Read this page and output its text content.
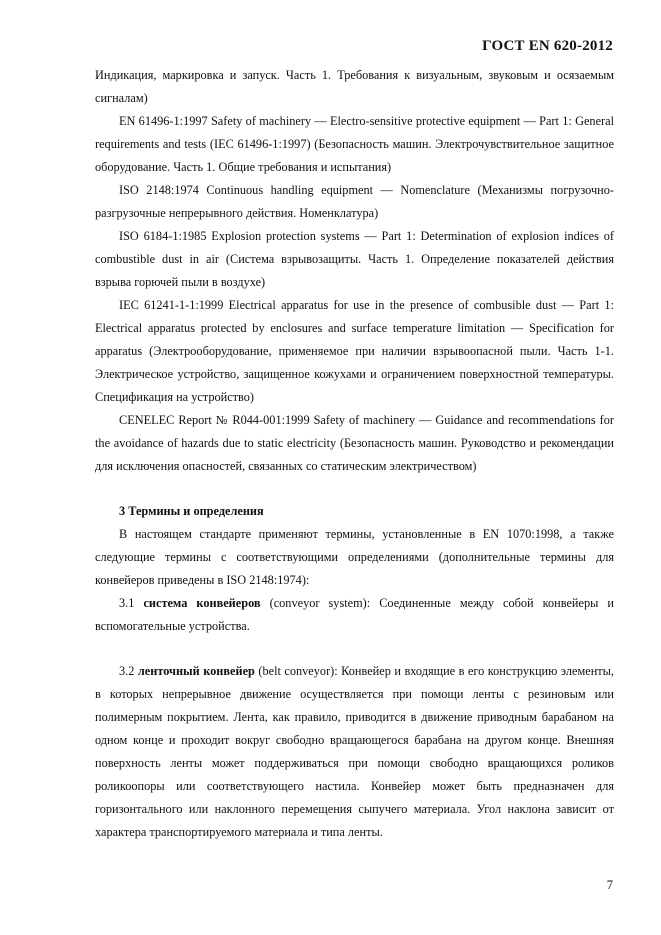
ГОСТ EN 620-2012

Индикация, маркировка и запуск. Часть 1. Требования к визуальным, звуковым и осязаемым сигналам)

EN 61496-1:1997 Safety of machinery — Electro-sensitive protective equipment — Part 1: General requirements and tests (IEC 61496-1:1997) (Безопасность машин. Электрочувствительное защитное оборудование. Часть 1. Общие требования и испытания)

ISO 2148:1974 Continuous handling equipment — Nomenclature (Механизмы погрузочно-разгрузочные непрерывного действия. Номенклатура)

ISO 6184-1:1985 Explosion protection systems — Part 1: Determination of explosion indices of combustible dust in air (Система взрывозащиты. Часть 1. Определение показателей действия взрыва горючей пыли в воздухе)

IEC 61241-1-1:1999 Electrical apparatus for use in the presence of combusible dust — Part 1: Electrical apparatus protected by enclosures and surface temperature limitation — Specification for apparatus (Электрооборудование, применяемое при наличии взрывоопасной пыли. Часть 1-1. Электрическое устройство, защищенное кожухами и ограничением поверхностной температуры. Спецификация на устройство)

CENELEC Report № R044-001:1999 Safety of machinery — Guidance and recommendations for the avoidance of hazards due to static electricity (Безопасность машин. Руководство и рекомендации для исключения опасностей, связанных со статическим электричеством)

3 Термины и определения

В настоящем стандарте применяют термины, установленные в EN 1070:1998, а также следующие термины с соответствующими определениями (дополнительные термины для конвейеров приведены в ISO 2148:1974):

3.1 система конвейеров (conveyor system): Соединенные между собой конвейеры и вспомогательные устройства.

3.2 ленточный конвейер (belt conveyor): Конвейер и входящие в его конструкцию элементы, в которых непрерывное движение осуществляется при помощи ленты с резиновым или полимерным покрытием. Лента, как правило, приводится в движение приводным барабаном на одном конце и проходит вокруг свободно вращающегося барабана на другом конце. Внешняя поверхность ленты может поддерживаться при помощи свободно вращающихся роликов роликоопоры или соответствующего настила. Конвейер может быть предназначен для горизонтального или наклонного перемещения сыпучего материала. Угол наклона зависит от характера транспортируемого материала и типа ленты.

7
